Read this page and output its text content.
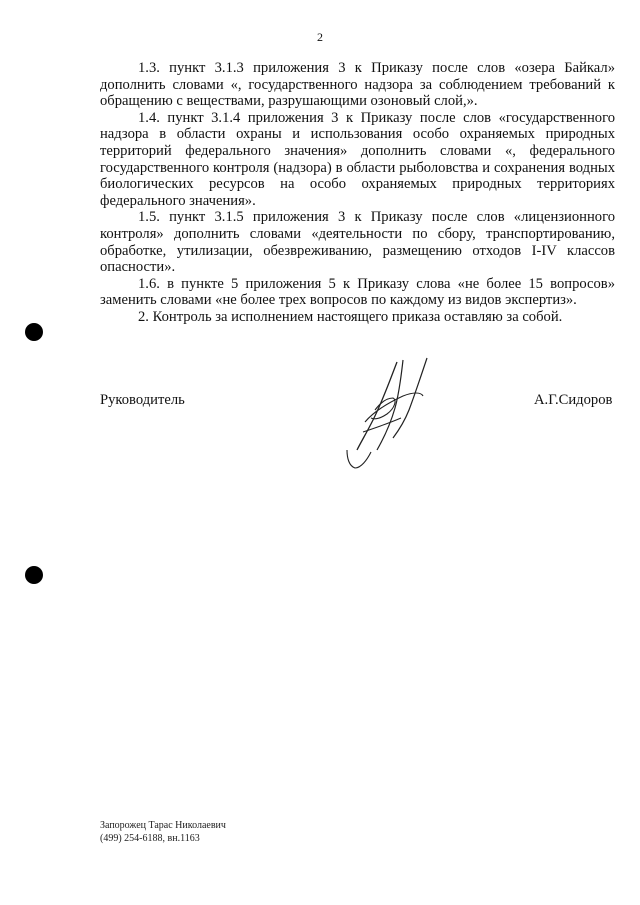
2

1.3. пункт 3.1.3 приложения 3 к Приказу после слов «озера Байкал» дополнить словами «, государственного надзора за соблюдением требований к обращению с веществами, разрушающими озоновый слой,».

1.4. пункт 3.1.4 приложения 3 к Приказу после слов «государственного надзора в области охраны и использования особо охраняемых природных территорий федерального значения» дополнить словами «, федерального государственного контроля (надзора) в области рыболовства и сохранения водных биологических ресурсов на особо охраняемых природных территориях федерального значения».

1.5. пункт 3.1.5 приложения 3 к Приказу после слов «лицензионного контроля» дополнить словами «деятельности по сбору, транспортированию, обработке, утилизации, обезвреживанию, размещению отходов I-IV классов опасности».

1.6. в пункте 5 приложения 5 к Приказу слова «не более 15 вопросов» заменить словами «не более трех вопросов по каждому из видов экспертиз».

2. Контроль за исполнением настоящего приказа оставляю за собой.

Руководитель	А.Г.Сидоров
Запорожец Тарас Николаевич
(499) 254-6188, вн.1163
